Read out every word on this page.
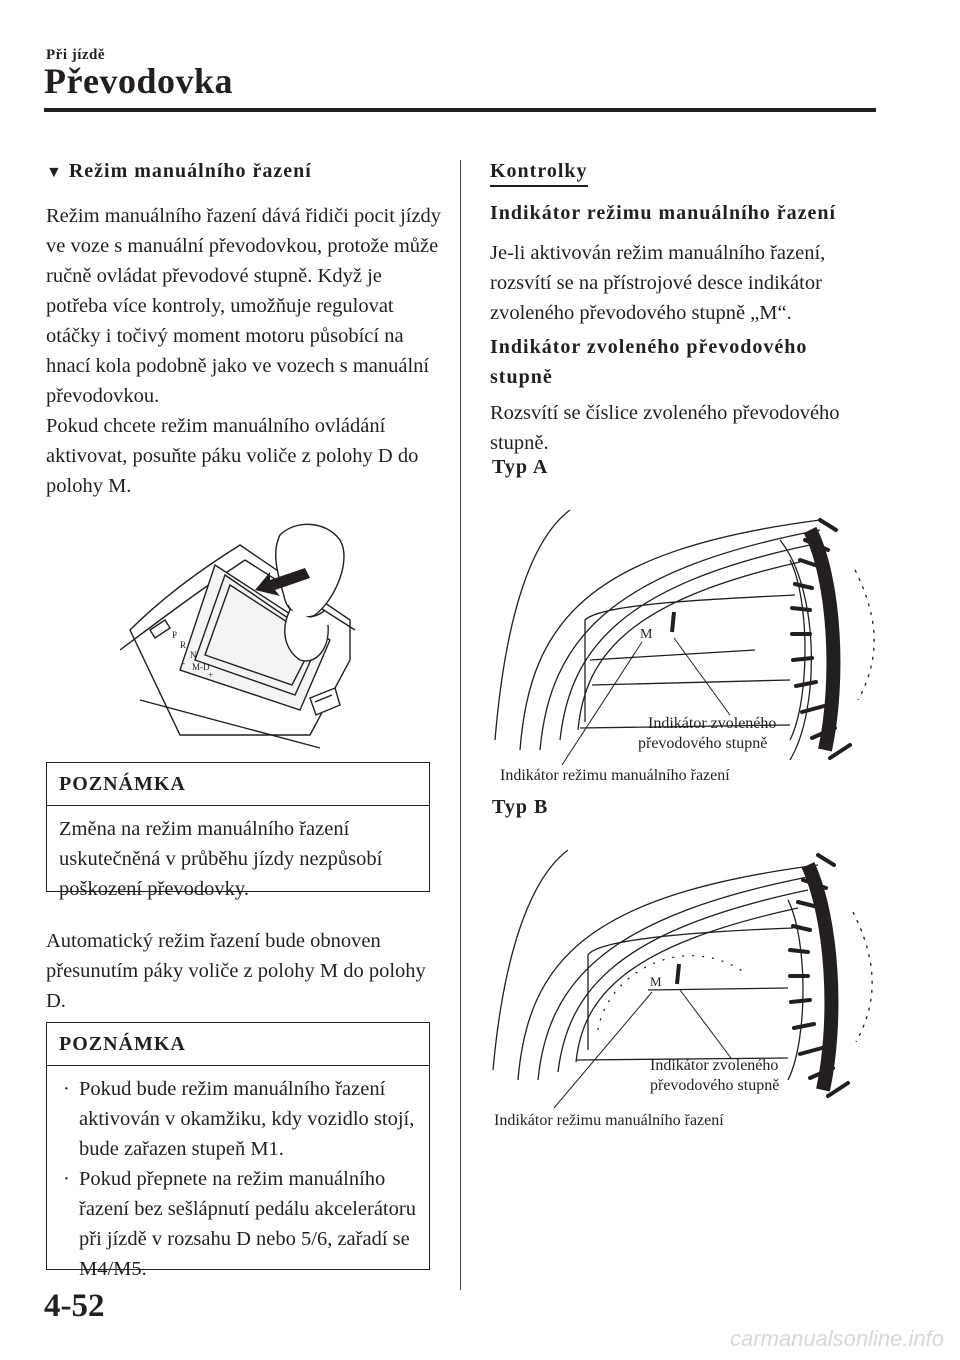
Při jízdě
Převodovka
▼ Režim manuálního řazení

Režim manuálního řazení dává řidiči pocit jízdy ve voze s manuální převodovkou, protože může ručně ovládat převodové stupně. Když je potřeba více kontroly, umožňuje regulovat otáčky i točivý moment motoru působící na hnací kola podobně jako ve vozech s manuální převodovkou.

Pokud chcete režim manuálního ovládání aktivovat, posuňte páku voliče z polohy D do polohy M.

P
R
N
M-D
+
-
POZNÁMKA
Změna na režim manuálního řazení uskutečněná v průběhu jízdy nezpůsobí poškození převodovky.
Automatický režim řazení bude obnoven přesunutím páky voliče z polohy M do polohy D.
POZNÁMKA
· Pokud bude režim manuálního řazení aktivován v okamžiku, kdy vozidlo stojí, bude zařazen stupeň M1.
· Pokud přepnete na režim manuálního řazení bez sešlápnutí pedálu akcelerátoru při jízdě v rozsahu D nebo 5/6, zařadí se M4/M5.
Kontrolky
Indikátor režimu manuálního řazení
Je-li aktivován režim manuálního řazení, rozsvítí se na přístrojové desce indikátor zvoleného převodového stupně „M“.
Indikátor zvoleného převodového stupně
Rozsvítí se číslice zvoleného převodového stupně.
Typ A
M
Indikátor zvoleného
převodového stupně
Indikátor režimu manuálního řazení
Typ B
M
Indikátor zvoleného
převodového stupně
Indikátor režimu manuálního řazení
4-52
carmanualsonline.info
